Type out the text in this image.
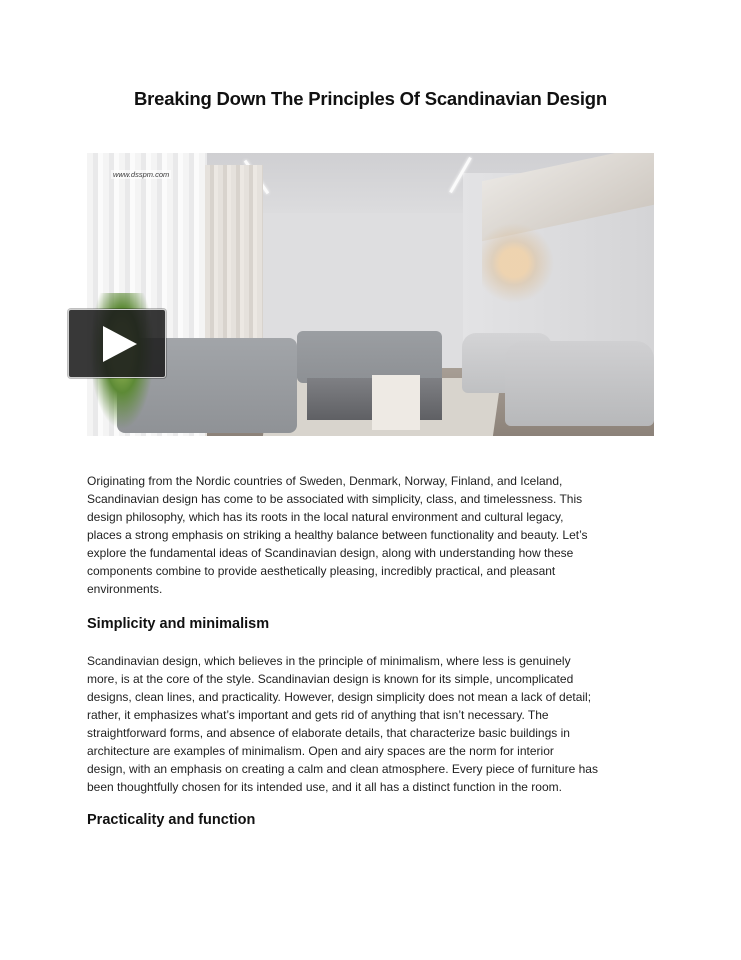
Breaking Down The Principles Of Scandinavian Design
www.dsspm.com

Originating from the Nordic countries of Sweden, Denmark, Norway, Finland, and Iceland,
Scandinavian design has come to be associated with simplicity, class, and timelessness. This
design philosophy, which has its roots in the local natural environment and cultural legacy,
places a strong emphasis on striking a healthy balance between functionality and beauty. Let’s
explore the fundamental ideas of Scandinavian design, along with understanding how these
components combine to provide aesthetically pleasing, incredibly practical, and pleasant
environments.

Simplicity and minimalism

Scandinavian design, which believes in the principle of minimalism, where less is genuinely
more, is at the core of the style. Scandinavian design is known for its simple, uncomplicated
designs, clean lines, and practicality. However, design simplicity does not mean a lack of detail;
rather, it emphasizes what’s important and gets rid of anything that isn’t necessary. The
straightforward forms, and absence of elaborate details, that characterize basic buildings in
architecture are examples of minimalism. Open and airy spaces are the norm for interior
design, with an emphasis on creating a calm and clean atmosphere. Every piece of furniture has
been thoughtfully chosen for its intended use, and it all has a distinct function in the room.

Practicality and function
